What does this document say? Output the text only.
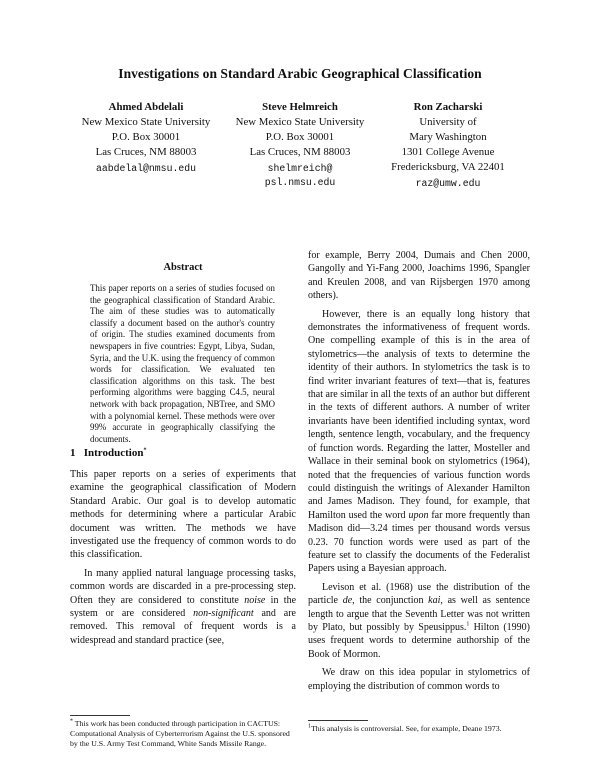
Investigations on Standard Arabic Geographical Classification
Ahmed Abdelali
New Mexico State University
P.O. Box 30001
Las Cruces, NM 88003
aabdelal@nmsu.edu
Steve Helmreich
New Mexico State University
P.O. Box 30001
Las Cruces, NM 88003
shelmreich@
psl.nmsu.edu
Ron Zacharski
University of
Mary Washington
1301 College Avenue
Fredericksburg, VA 22401
raz@umw.edu
Abstract
This paper reports on a series of studies focused on the geographical classification of Standard Arabic. The aim of these studies was to automatically classify a document based on the author's country of origin. The studies examined documents from newspapers in five countries: Egypt, Libya, Sudan, Syria, and the U.K. using the frequency of common words for classification. We evaluated ten classification algorithms on this task. The best performing algorithms were bagging C4.5, neural network with back propagation, NBTree, and SMO with a polynomial kernel. These methods were over 99% accurate in geographically classifying the documents.
1 Introduction*

This paper reports on a series of experiments that examine the geographical classification of Modern Standard Arabic. Our goal is to develop automatic methods for determining where a particular Arabic document was written. The methods we have investigated use the frequency of common words to do this classification.

In many applied natural language processing tasks, common words are discarded in a pre-processing step. Often they are considered to constitute noise in the system or are considered non-significant and are removed. This removal of frequent words is a widespread and standard practice (see,

for example, Berry 2004, Dumais and Chen 2000, Gangolly and Yi-Fang 2000, Joachims 1996, Spangler and Kreulen 2008, and van Rijsbergen 1970 among others).

However, there is an equally long history that demonstrates the informativeness of frequent words. One compelling example of this is in the area of stylometrics—the analysis of texts to determine the identity of their authors. In stylometrics the task is to find writer invariant features of text—that is, features that are similar in all the texts of an author but different in the texts of different authors. A number of writer invariants have been identified including syntax, word length, sentence length, vocabulary, and the frequency of function words. Regarding the latter, Mosteller and Wallace in their seminal book on stylometrics (1964), noted that the frequencies of various function words could distinguish the writings of Alexander Hamilton and James Madison. They found, for example, that Hamilton used the word upon far more frequently than Madison did—3.24 times per thousand words versus 0.23. 70 function words were used as part of the feature set to classify the documents of the Federalist Papers using a Bayesian approach.

Levison et al. (1968) use the distribution of the particle de, the conjunction kai, as well as sentence length to argue that the Seventh Letter was not written by Plato, but possibly by Speusippus.$^1$ Hilton (1990) uses frequent words to determine authorship of the Book of Mormon.

We draw on this idea popular in stylometrics of employing the distribution of common words to

* This work has been conducted through participation in CACTUS: Computational Analysis of Cyberterrorism Against the U.S. sponsored by the U.S. Army Test Command, White Sands Missile Range.
$^1$This analysis is controversial. See, for example, Deane 1973.
